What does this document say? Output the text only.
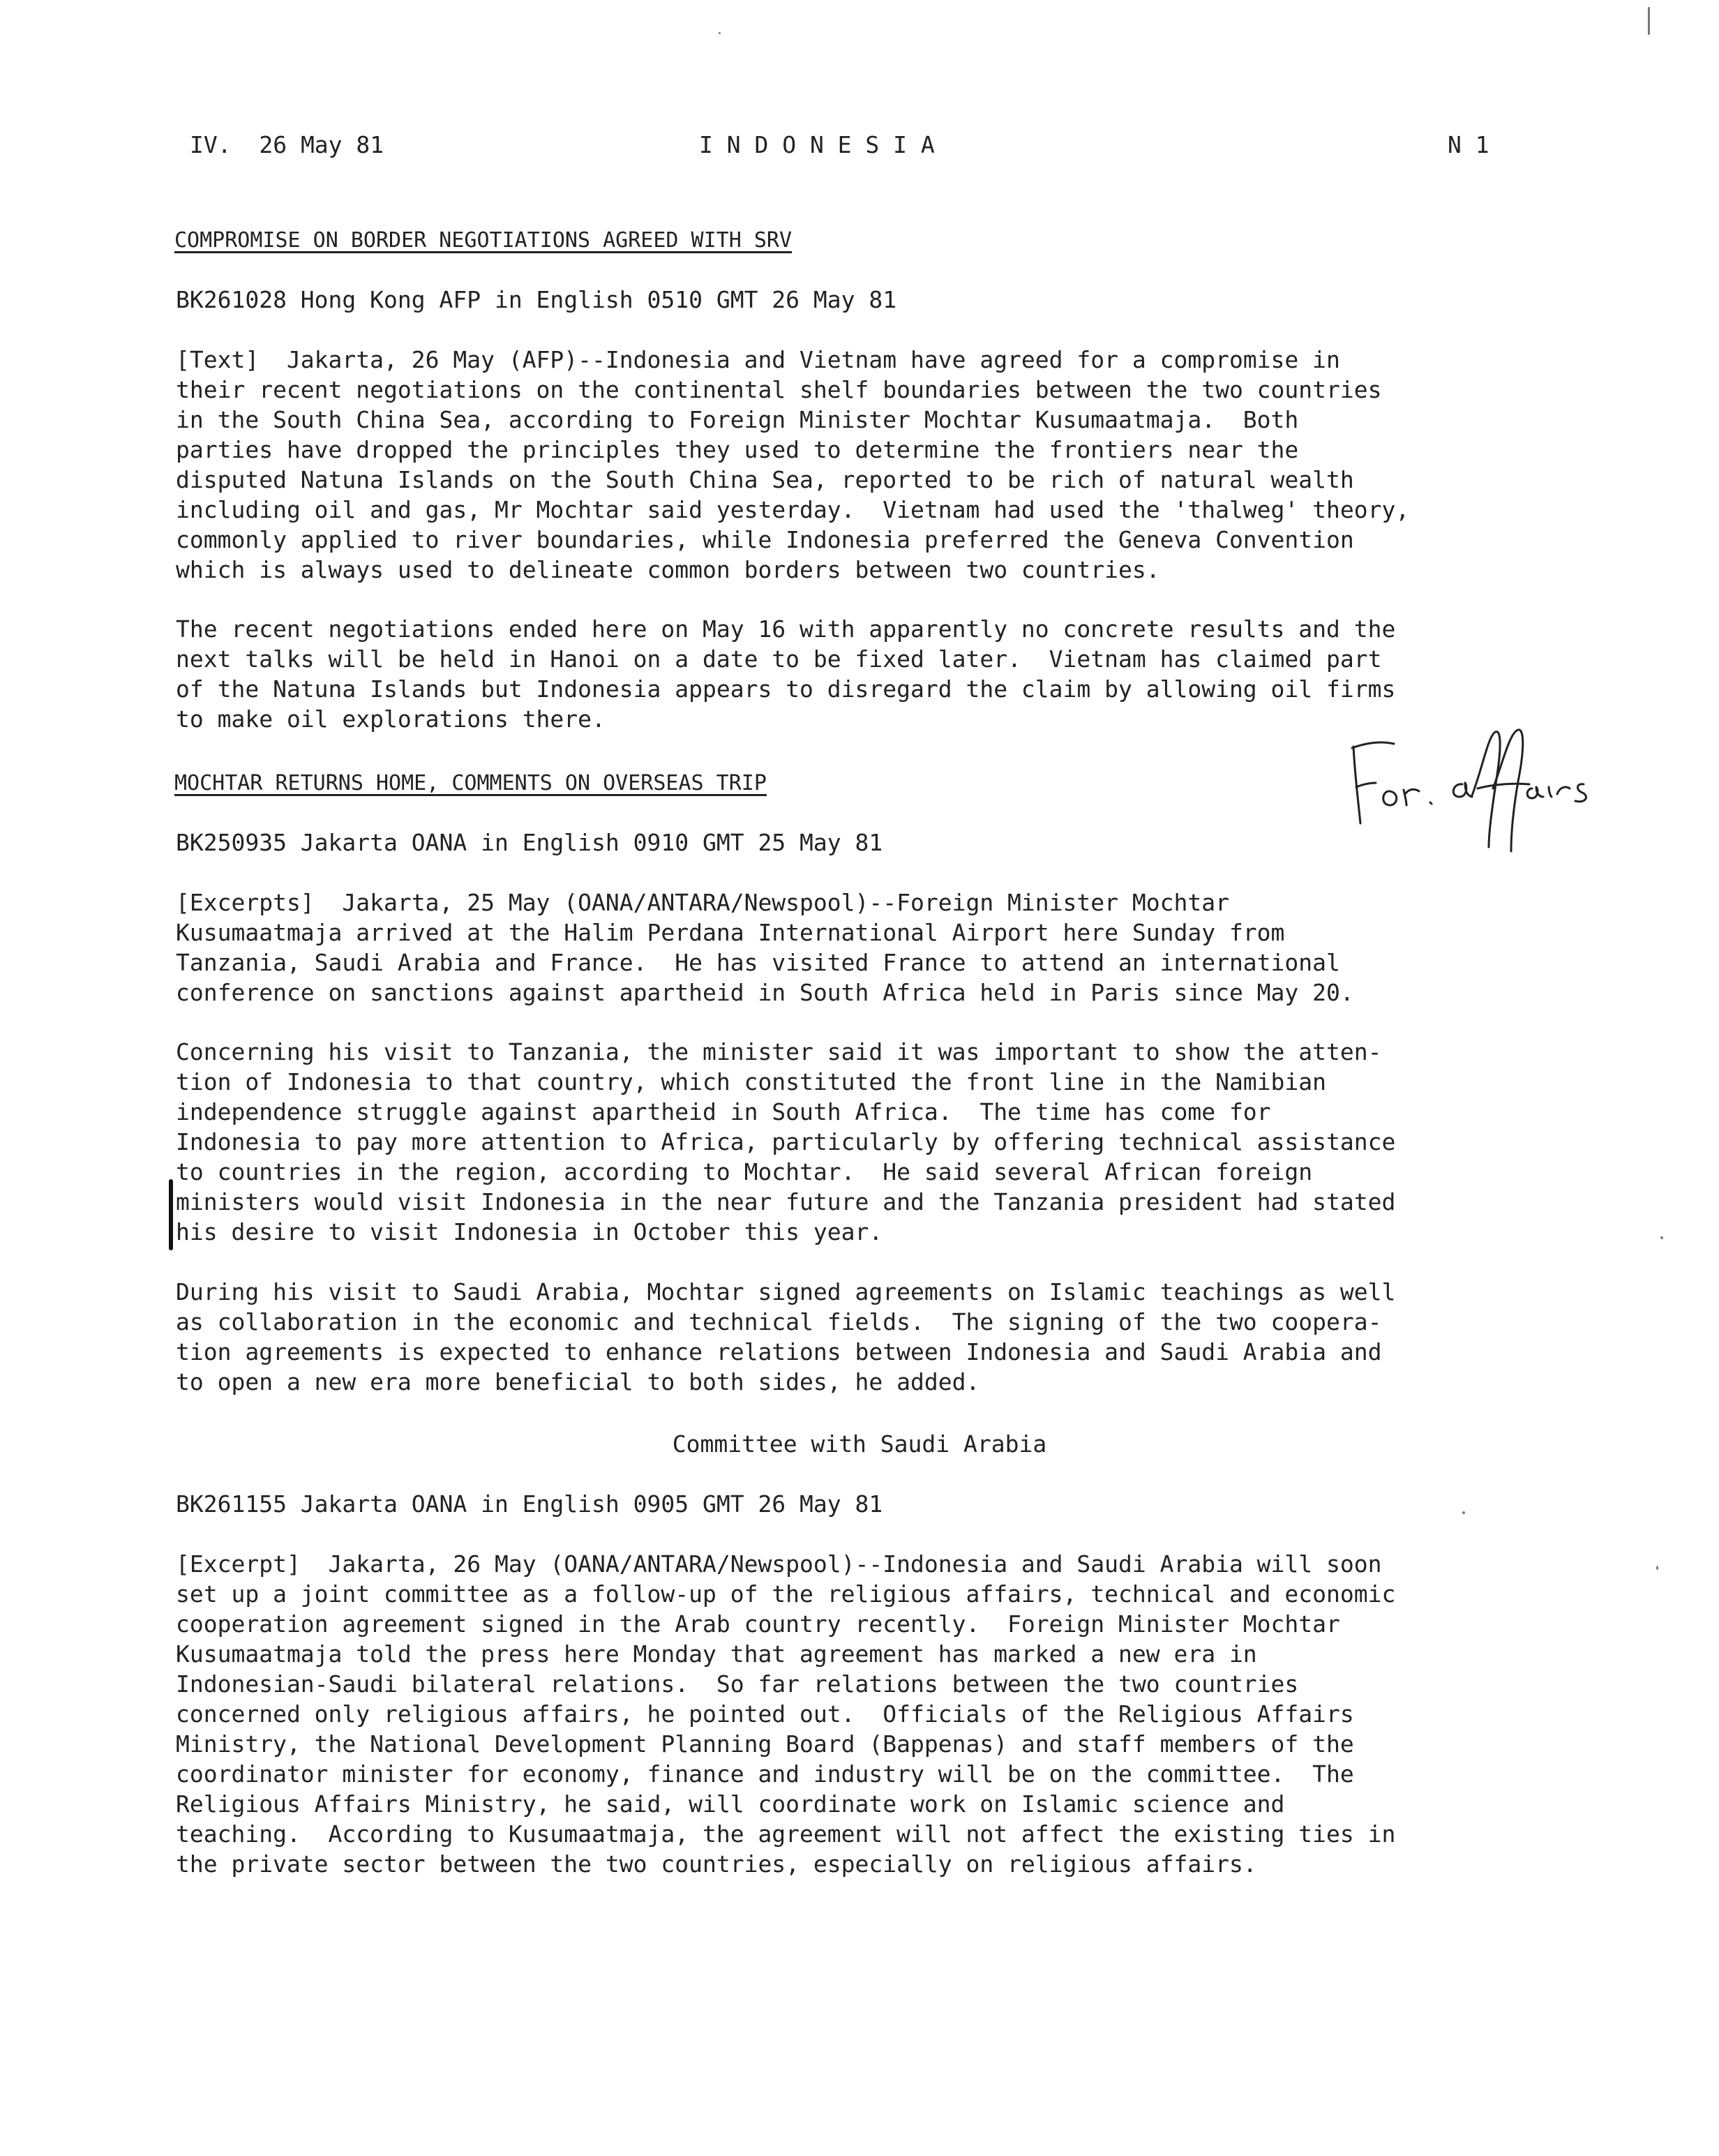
IV.  26 May 81	I N D O N E S I A	N 1
COMPROMISE ON BORDER NEGOTIATIONS AGREED WITH SRV
BK261028 Hong Kong AFP in English 0510 GMT 26 May 81
[Text]  Jakarta, 26 May (AFP)--Indonesia and Vietnam have agreed for a compromise in
their recent negotiations on the continental shelf boundaries between the two countries
in the South China Sea, according to Foreign Minister Mochtar Kusumaatmaja.  Both
parties have dropped the principles they used to determine the frontiers near the
disputed Natuna Islands on the South China Sea, reported to be rich of natural wealth
including oil and gas, Mr Mochtar said yesterday.  Vietnam had used the 'thalweg' theory,
commonly applied to river boundaries, while Indonesia preferred the Geneva Convention
which is always used to delineate common borders between two countries.
The recent negotiations ended here on May 16 with apparently no concrete results and the
next talks will be held in Hanoi on a date to be fixed later.  Vietnam has claimed part
of the Natuna Islands but Indonesia appears to disregard the claim by allowing oil firms
to make oil explorations there.
MOCHTAR RETURNS HOME, COMMENTS ON OVERSEAS TRIP
BK250935 Jakarta OANA in English 0910 GMT 25 May 81
[Excerpts]  Jakarta, 25 May (OANA/ANTARA/Newspool)--Foreign Minister Mochtar
Kusumaatmaja arrived at the Halim Perdana International Airport here Sunday from
Tanzania, Saudi Arabia and France.  He has visited France to attend an international
conference on sanctions against apartheid in South Africa held in Paris since May 20.
Concerning his visit to Tanzania, the minister said it was important to show the atten-
tion of Indonesia to that country, which constituted the front line in the Namibian
independence struggle against apartheid in South Africa.  The time has come for
Indonesia to pay more attention to Africa, particularly by offering technical assistance
to countries in the region, according to Mochtar.  He said several African foreign
ministers would visit Indonesia in the near future and the Tanzania president had stated
his desire to visit Indonesia in October this year.
During his visit to Saudi Arabia, Mochtar signed agreements on Islamic teachings as well
as collaboration in the economic and technical fields.  The signing of the two coopera-
tion agreements is expected to enhance relations between Indonesia and Saudi Arabia and
to open a new era more beneficial to both sides, he added.
Committee with Saudi Arabia
BK261155 Jakarta OANA in English 0905 GMT 26 May 81
[Excerpt]  Jakarta, 26 May (OANA/ANTARA/Newspool)--Indonesia and Saudi Arabia will soon
set up a joint committee as a follow-up of the religious affairs, technical and economic
cooperation agreement signed in the Arab country recently.  Foreign Minister Mochtar
Kusumaatmaja told the press here Monday that agreement has marked a new era in
Indonesian-Saudi bilateral relations.  So far relations between the two countries
concerned only religious affairs, he pointed out.  Officials of the Religious Affairs
Ministry, the National Development Planning Board (Bappenas) and staff members of the
coordinator minister for economy, finance and industry will be on the committee.  The
Religious Affairs Ministry, he said, will coordinate work on Islamic science and
teaching.  According to Kusumaatmaja, the agreement will not affect the existing ties in
the private sector between the two countries, especially on religious affairs.
